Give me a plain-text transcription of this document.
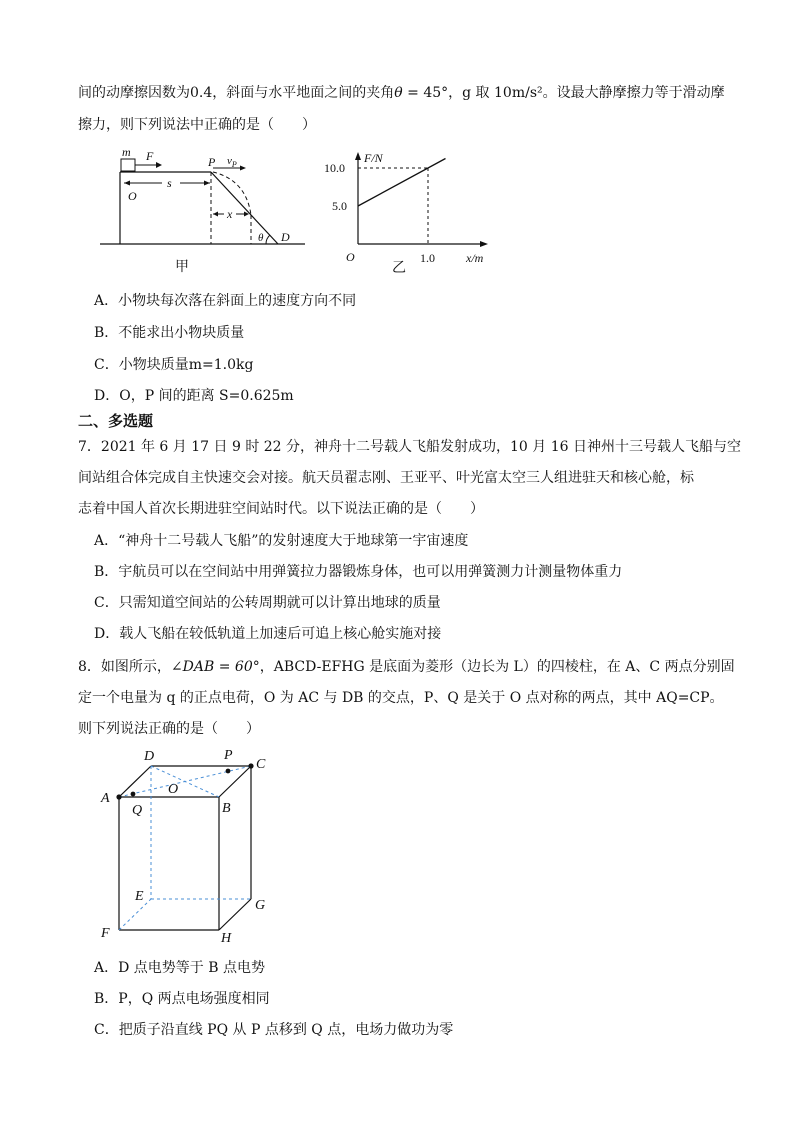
间的动摩擦因数为0.4，斜面与水平地面之间的夹角θ = 45°，g 取 10m/s²。设最大静摩擦力等于滑动摩
擦力，则下列说法中正确的是（　　）
m F	P $v_P$
O
s
x
θ D
甲
F/N
x/m
O
10.0
5.0
1.0
乙
A．小物块每次落在斜面上的速度方向不同
B．不能求出小物块质量
C．小物块质量m=1.0kg
D．O，P 间的距离 S=0.625m
二、多选题
7．2021 年 6 月 17 日 9 时 22 分，神舟十二号载人飞船发射成功，10 月 16 日神州十三号载人飞船与空
间站组合体完成自主快速交会对接。航天员翟志刚、王亚平、叶光富太空三人组进驻天和核心舱，标
志着中国人首次长期进驻空间站时代。以下说法正确的是（　　）
A．“神舟十二号载人飞船”的发射速度大于地球第一宇宙速度
B．宇航员可以在空间站中用弹簧拉力器锻炼身体，也可以用弹簧测力计测量物体重力
C．只需知道空间站的公转周期就可以计算出地球的质量
D．载人飞船在较低轨道上加速后可追上核心舱实施对接
8．如图所示，∠DAB = 60°，ABCD-EFHG 是底面为菱形（边长为 L）的四棱柱，在 A、C 两点分别固
定一个电量为 q 的正点电荷，O 为 AC 与 DB 的交点，P、Q 是关于 O 点对称的两点，其中 AQ=CP。
则下列说法正确的是（　　）
A
B
C
D
O
P
Q
E
G
F	H
A．D 点电势等于 B 点电势
B．P，Q 两点电场强度相同
C．把质子沿直线 PQ 从 P 点移到 Q 点，电场力做功为零
